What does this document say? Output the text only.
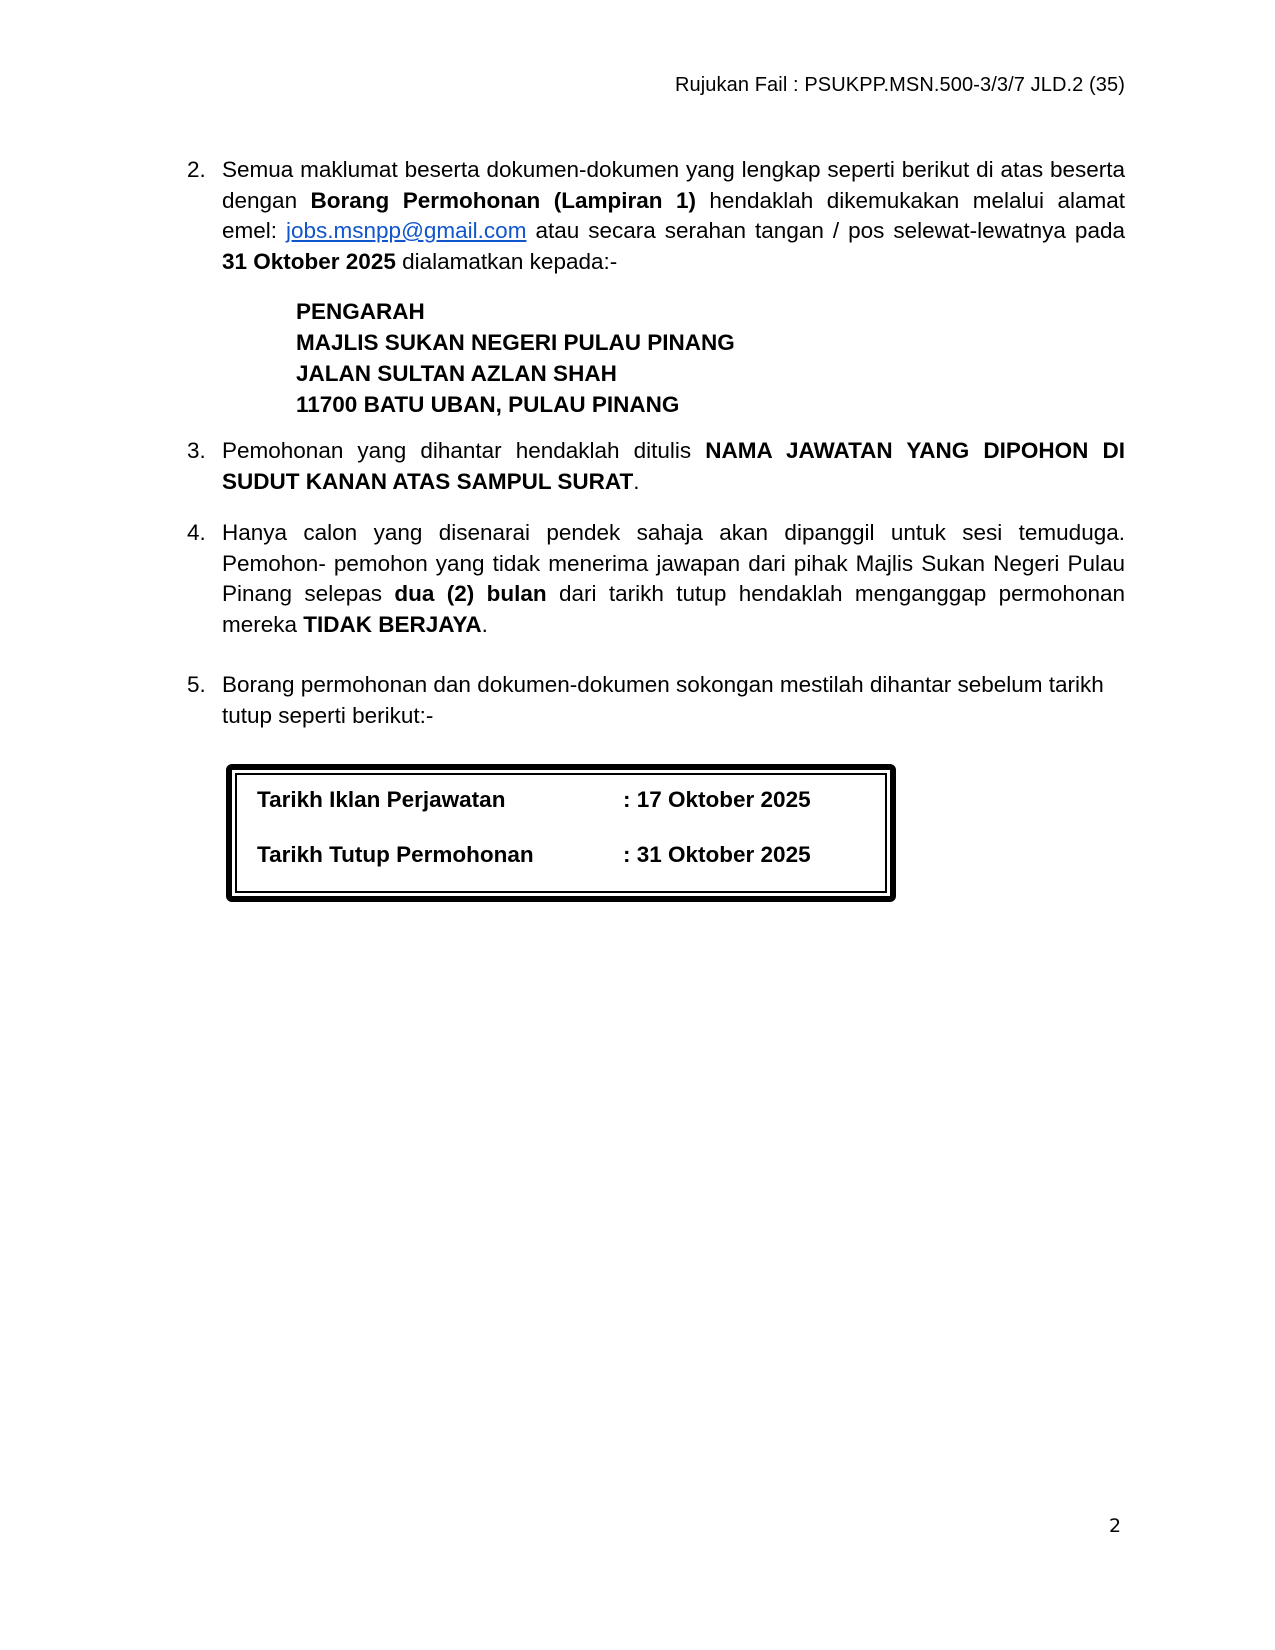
Rujukan Fail : PSUKPP.MSN.500-3/3/7 JLD.2 (35)
2. Semua maklumat beserta dokumen-dokumen yang lengkap seperti berikut di atas beserta dengan Borang Permohonan (Lampiran 1) hendaklah dikemukakan melalui alamat emel: jobs.msnpp@gmail.com atau secara serahan tangan / pos selewat-lewatnya pada 31 Oktober 2025 dialamatkan kepada:-
PENGARAH
MAJLIS SUKAN NEGERI PULAU PINANG
JALAN SULTAN AZLAN SHAH
11700 BATU UBAN, PULAU PINANG
3. Pemohonan yang dihantar hendaklah ditulis NAMA JAWATAN YANG DIPOHON DI SUDUT KANAN ATAS SAMPUL SURAT.
4. Hanya calon yang disenarai pendek sahaja akan dipanggil untuk sesi temuduga. Pemohon- pemohon yang tidak menerima jawapan dari pihak Majlis Sukan Negeri Pulau Pinang selepas dua (2) bulan dari tarikh tutup hendaklah menganggap permohonan mereka TIDAK BERJAYA.
5. Borang permohonan dan dokumen-dokumen sokongan mestilah dihantar sebelum tarikh tutup seperti berikut:-
Tarikh Iklan Perjawatan	: 17 Oktober 2025
Tarikh Tutup Permohonan	: 31 Oktober 2025
2
